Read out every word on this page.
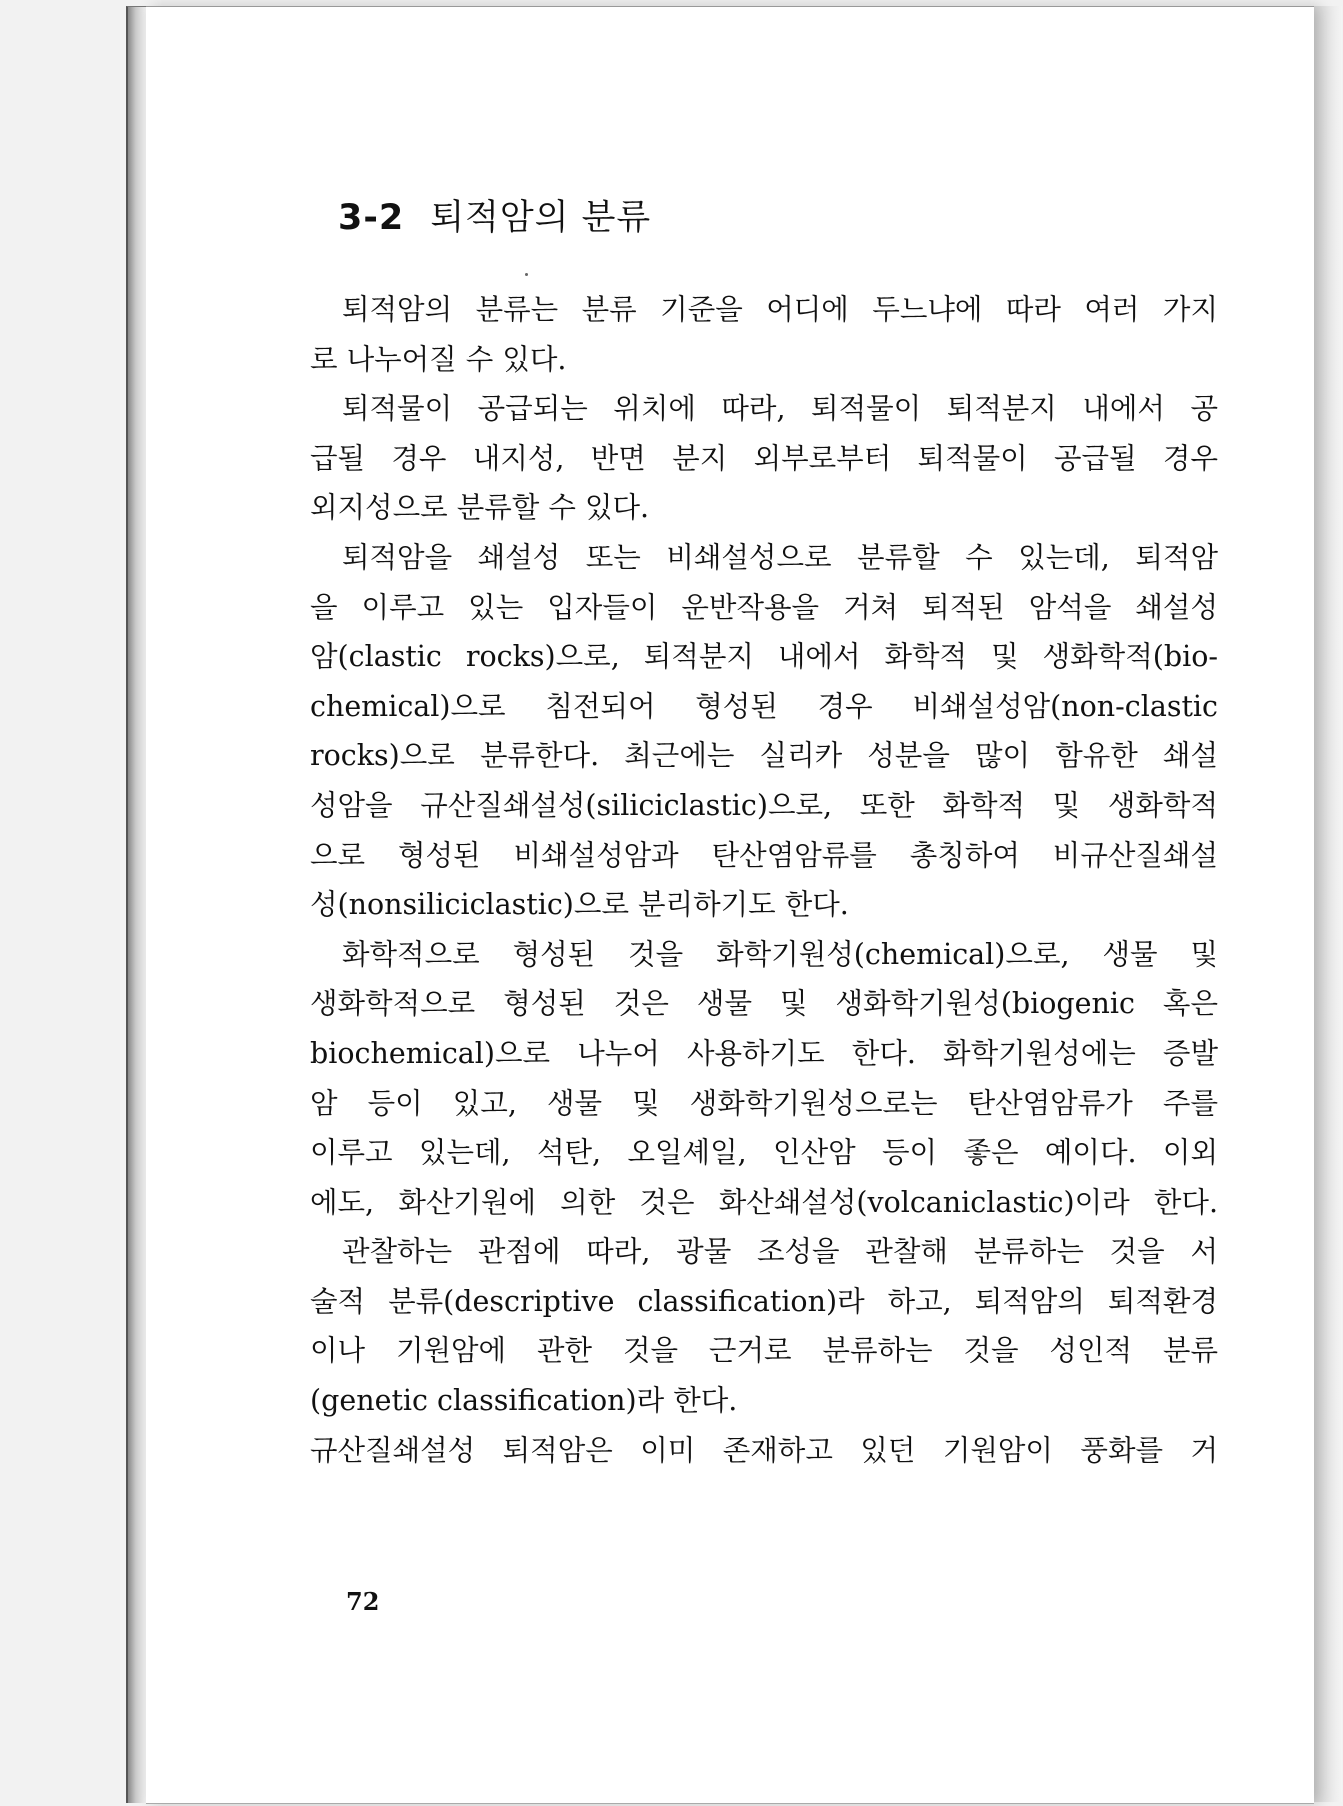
3-2 퇴적암의 분류

퇴적암의 분류는 분류 기준을 어디에 두느냐에 따라 여러 가지

로 나누어질 수 있다.

퇴적물이 공급되는 위치에 따라, 퇴적물이 퇴적분지 내에서 공

급될 경우 내지성, 반면 분지 외부로부터 퇴적물이 공급될 경우

외지성으로 분류할 수 있다.

퇴적암을 쇄설성 또는 비쇄설성으로 분류할 수 있는데, 퇴적암

을 이루고 있는 입자들이 운반작용을 거쳐 퇴적된 암석을 쇄설성

암(clastic rocks)으로, 퇴적분지 내에서 화학적 및 생화학적(bio-

chemical)으로 침전되어 형성된 경우 비쇄설성암(non-clastic

rocks)으로 분류한다. 최근에는 실리카 성분을 많이 함유한 쇄설

성암을 규산질쇄설성(siliciclastic)으로, 또한 화학적 및 생화학적

으로 형성된 비쇄설성암과 탄산염암류를 총칭하여 비규산질쇄설

성(nonsiliciclastic)으로 분리하기도 한다.

화학적으로 형성된 것을 화학기원성(chemical)으로, 생물 및

생화학적으로 형성된 것은 생물 및 생화학기원성(biogenic 혹은

biochemical)으로 나누어 사용하기도 한다. 화학기원성에는 증발

암 등이 있고, 생물 및 생화학기원성으로는 탄산염암류가 주를

이루고 있는데, 석탄, 오일셰일, 인산암 등이 좋은 예이다. 이외

에도, 화산기원에 의한 것은 화산쇄설성(volcaniclastic)이라 한다.

관찰하는 관점에 따라, 광물 조성을 관찰해 분류하는 것을 서

술적 분류(descriptive classification)라 하고, 퇴적암의 퇴적환경

이나 기원암에 관한 것을 근거로 분류하는 것을 성인적 분류

(genetic classification)라 한다.

규산질쇄설성 퇴적암은 이미 존재하고 있던 기원암이 풍화를 거

72
